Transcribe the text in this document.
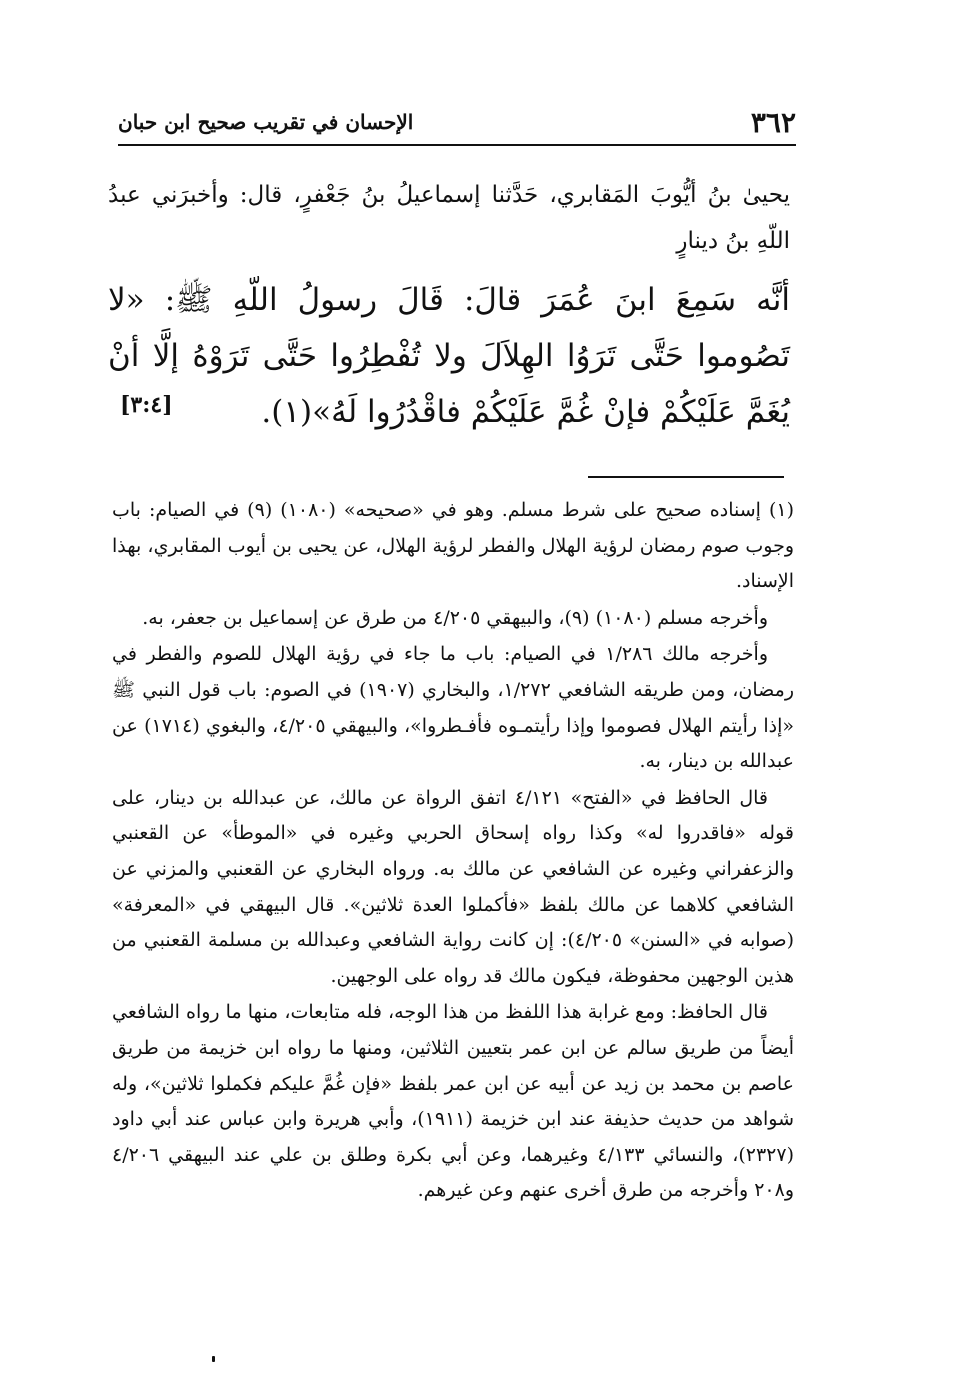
٣٦٢
الإحسان في تقريب صحيح ابن حبان
يحيىٰ بنُ أيُّوبَ المَقابري، حَدَّثنا إسماعيلُ بنُ جَعْفرٍ، قال: وأخبرَني عبدُ اللّهِ بنُ دينارٍ

أنَّه سَمِعَ ابنَ عُمَرَ قالَ: قَالَ رسولُ اللّهِ ﷺ: «لا تَصُوموا حَتَّى تَرَوُا الهِلاَلَ ولا تُفْطِرُوا حَتَّى تَرَوْهُ إلَّا أنْ يُغَمَّ عَلَيْكُمْ فإنْ غُمَّ عَلَيْكُمْ فاقْدُرُوا لَهُ»(١).

[٣:٤]

(١) إسناده صحيح على شرط مسلم. وهو في «صحيحه» (١٠٨٠) (٩) في الصيام: باب وجوب صوم رمضان لرؤية الهلال والفطر لرؤية الهلال، عن يحيى بن أيوب المقابري، بهذا الإسناد.

وأخرجه مسلم (١٠٨٠) (٩)، والبيهقي ٤/٢٠٥ من طرق عن إسماعيل بن جعفر، به.

وأخرجه مالك ١/٢٨٦ في الصيام: باب ما جاء في رؤية الهلال للصوم والفطر في رمضان، ومن طريقه الشافعي ١/٢٧٢، والبخاري (١٩٠٧) في الصوم: باب قول النبي ﷺ «إذا رأيتم الهلال فصوموا وإذا رأيتمـوه فأفـطروا»، والبيهقي ٤/٢٠٥، والبغوي (١٧١٤) عن عبدالله بن دينار، به.

قال الحافظ في «الفتح» ٤/١٢١ اتفق الرواة عن مالك، عن عبدالله بن دينار، على قوله «فاقدروا له» وكذا رواه إسحاق الحربي وغيره في «الموطأ» عن القعنبي والزعفراني وغيره عن الشافعي عن مالك به. ورواه البخاري عن القعنبي والمزني عن الشافعي كلاهما عن مالك بلفظ «فأكملوا العدة ثلاثين». قال البيهقي في «المعرفة» (صوابه في «السنن» ٤/٢٠٥): إن كانت رواية الشافعي وعبدالله بن مسلمة القعنبي من هذين الوجهين محفوظة، فيكون مالك قد رواه على الوجهين.

قال الحافظ: ومع غرابة هذا اللفظ من هذا الوجه، فله متابعات، منها ما رواه الشافعي أيضاً من طريق سالم عن ابن عمر بتعيين الثلاثين، ومنها ما رواه ابن خزيمة من طريق عاصم بن محمد بن زيد عن أبيه عن ابن عمر بلفظ «فإن غُمَّ عليكم فكملوا ثلاثين»، وله شواهد من حديث حذيفة عند ابن خزيمة (١٩١١)، وأبي هريرة وابن عباس عند أبي داود (٢٣٢٧)، والنسائي ٤/١٣٣ وغيرهما، وعن أبي بكرة وطلق بن علي عند البيهقي ٤/٢٠٦ و٢٠٨ وأخرجه من طرق أخرى عنهم وعن غيرهم.
